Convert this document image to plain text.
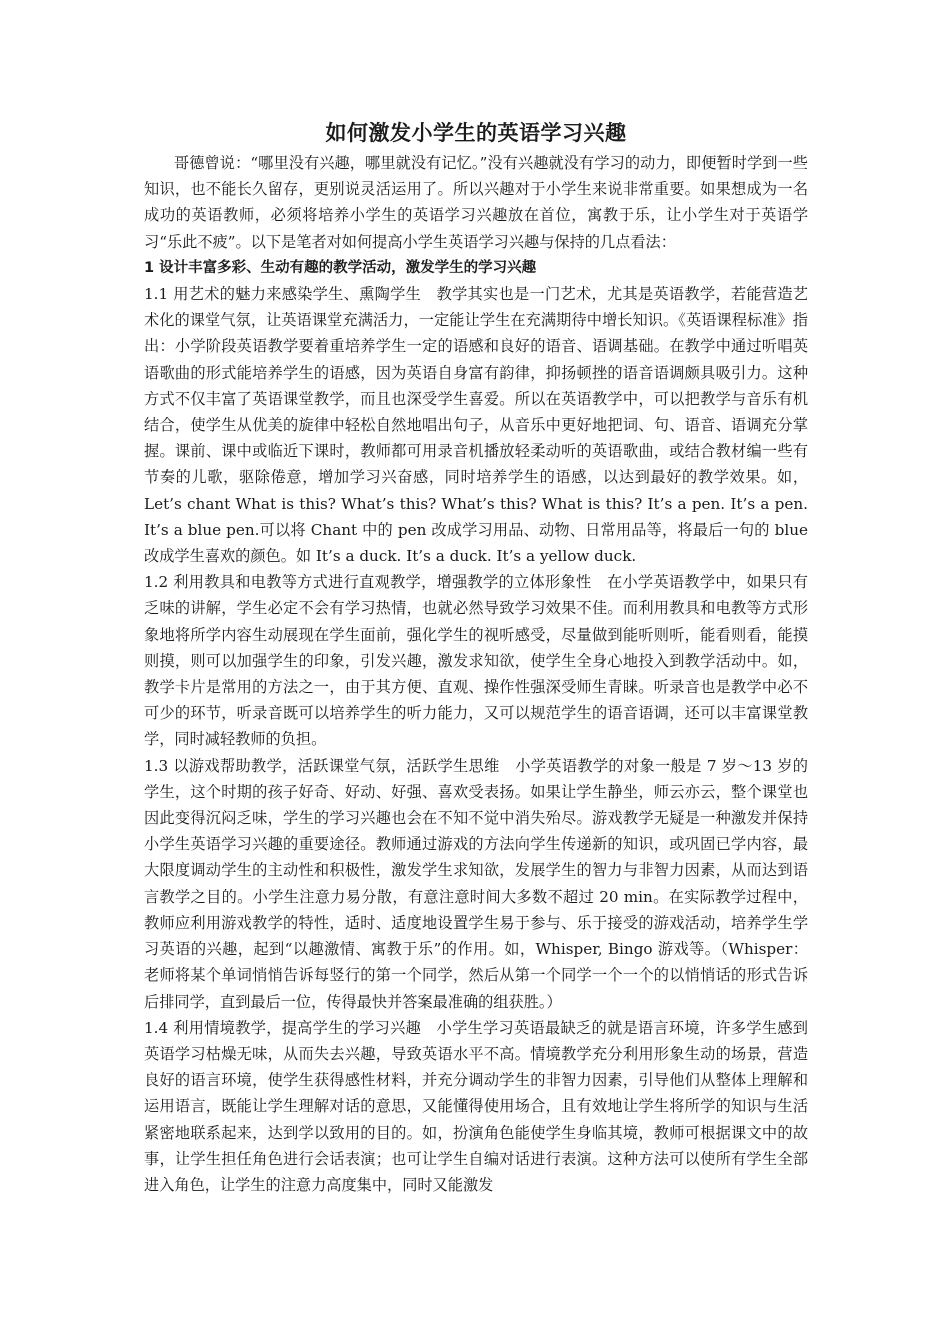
如何激发小学生的英语学习兴趣

哥德曾说：“哪里没有兴趣，哪里就没有记忆。”没有兴趣就没有学习的动力，即便暂时学到一些知识，也不能长久留存，更别说灵活运用了。所以兴趣对于小学生来说非常重要。如果想成为一名成功的英语教师，必须将培养小学生的英语学习兴趣放在首位，寓教于乐，让小学生对于英语学习“乐此不疲”。以下是笔者对如何提高小学生英语学习兴趣与保持的几点看法：

1 设计丰富多彩、生动有趣的教学活动，激发学生的学习兴趣

1.1 用艺术的魅力来感染学生、熏陶学生　教学其实也是一门艺术，尤其是英语教学，若能营造艺术化的课堂气氛，让英语课堂充满活力，一定能让学生在充满期待中增长知识。《英语课程标准》指出：小学阶段英语教学要着重培养学生一定的语感和良好的语音、语调基础。在教学中通过听唱英语歌曲的形式能培养学生的语感，因为英语自身富有韵律，抑扬顿挫的语音语调颇具吸引力。这种方式不仅丰富了英语课堂教学，而且也深受学生喜爱。所以在英语教学中，可以把教学与音乐有机结合，使学生从优美的旋律中轻松自然地唱出句子，从音乐中更好地把词、句、语音、语调充分掌握。课前、课中或临近下课时，教师都可用录音机播放轻柔动听的英语歌曲，或结合教材编一些有节奏的儿歌，驱除倦意，增加学习兴奋感，同时培养学生的语感，以达到最好的教学效果。如，Let’s chant What is this? What’s this? What’s this? What is this? It’s a pen. It’s a pen. It’s a blue pen.可以将 Chant 中的 pen 改成学习用品、动物、日常用品等，将最后一句的 blue 改成学生喜欢的颜色。如 It’s a duck. It’s a duck. It’s a yellow duck.

1.2 利用教具和电教等方式进行直观教学，增强教学的立体形象性　在小学英语教学中，如果只有乏味的讲解，学生必定不会有学习热情，也就必然导致学习效果不佳。而利用教具和电教等方式形象地将所学内容生动展现在学生面前，强化学生的视听感受，尽量做到能听则听，能看则看，能摸则摸，则可以加强学生的印象，引发兴趣，激发求知欲，使学生全身心地投入到教学活动中。如，教学卡片是常用的方法之一，由于其方便、直观、操作性强深受师生青睐。听录音也是教学中必不可少的环节，听录音既可以培养学生的听力能力，又可以规范学生的语音语调，还可以丰富课堂教学，同时减轻教师的负担。

1.3 以游戏帮助教学，活跃课堂气氛，活跃学生思维　小学英语教学的对象一般是 7 岁～13 岁的学生，这个时期的孩子好奇、好动、好强、喜欢受表扬。如果让学生静坐，师云亦云，整个课堂也因此变得沉闷乏味，学生的学习兴趣也会在不知不觉中消失殆尽。游戏教学无疑是一种激发并保持小学生英语学习兴趣的重要途径。教师通过游戏的方法向学生传递新的知识，或巩固已学内容，最大限度调动学生的主动性和积极性，激发学生求知欲，发展学生的智力与非智力因素，从而达到语言教学之目的。小学生注意力易分散，有意注意时间大多数不超过 20 min。在实际教学过程中，教师应利用游戏教学的特性，适时、适度地设置学生易于参与、乐于接受的游戏活动，培养学生学习英语的兴趣，起到“以趣激情、寓教于乐”的作用。如，Whisper, Bingo 游戏等。（Whisper：老师将某个单词悄悄告诉每竖行的第一个同学，然后从第一个同学一个一个的以悄悄话的形式告诉后排同学，直到最后一位，传得最快并答案最准确的组获胜。）

1.4 利用情境教学，提高学生的学习兴趣　小学生学习英语最缺乏的就是语言环境，许多学生感到英语学习枯燥无味，从而失去兴趣，导致英语水平不高。情境教学充分利用形象生动的场景，营造良好的语言环境，使学生获得感性材料，并充分调动学生的非智力因素，引导他们从整体上理解和运用语言，既能让学生理解对话的意思，又能懂得使用场合，且有效地让学生将所学的知识与生活紧密地联系起来，达到学以致用的目的。如，扮演角色能使学生身临其境，教师可根据课文中的故事，让学生担任角色进行会话表演；也可让学生自编对话进行表演。这种方法可以使所有学生全部进入角色，让学生的注意力高度集中，同时又能激发
